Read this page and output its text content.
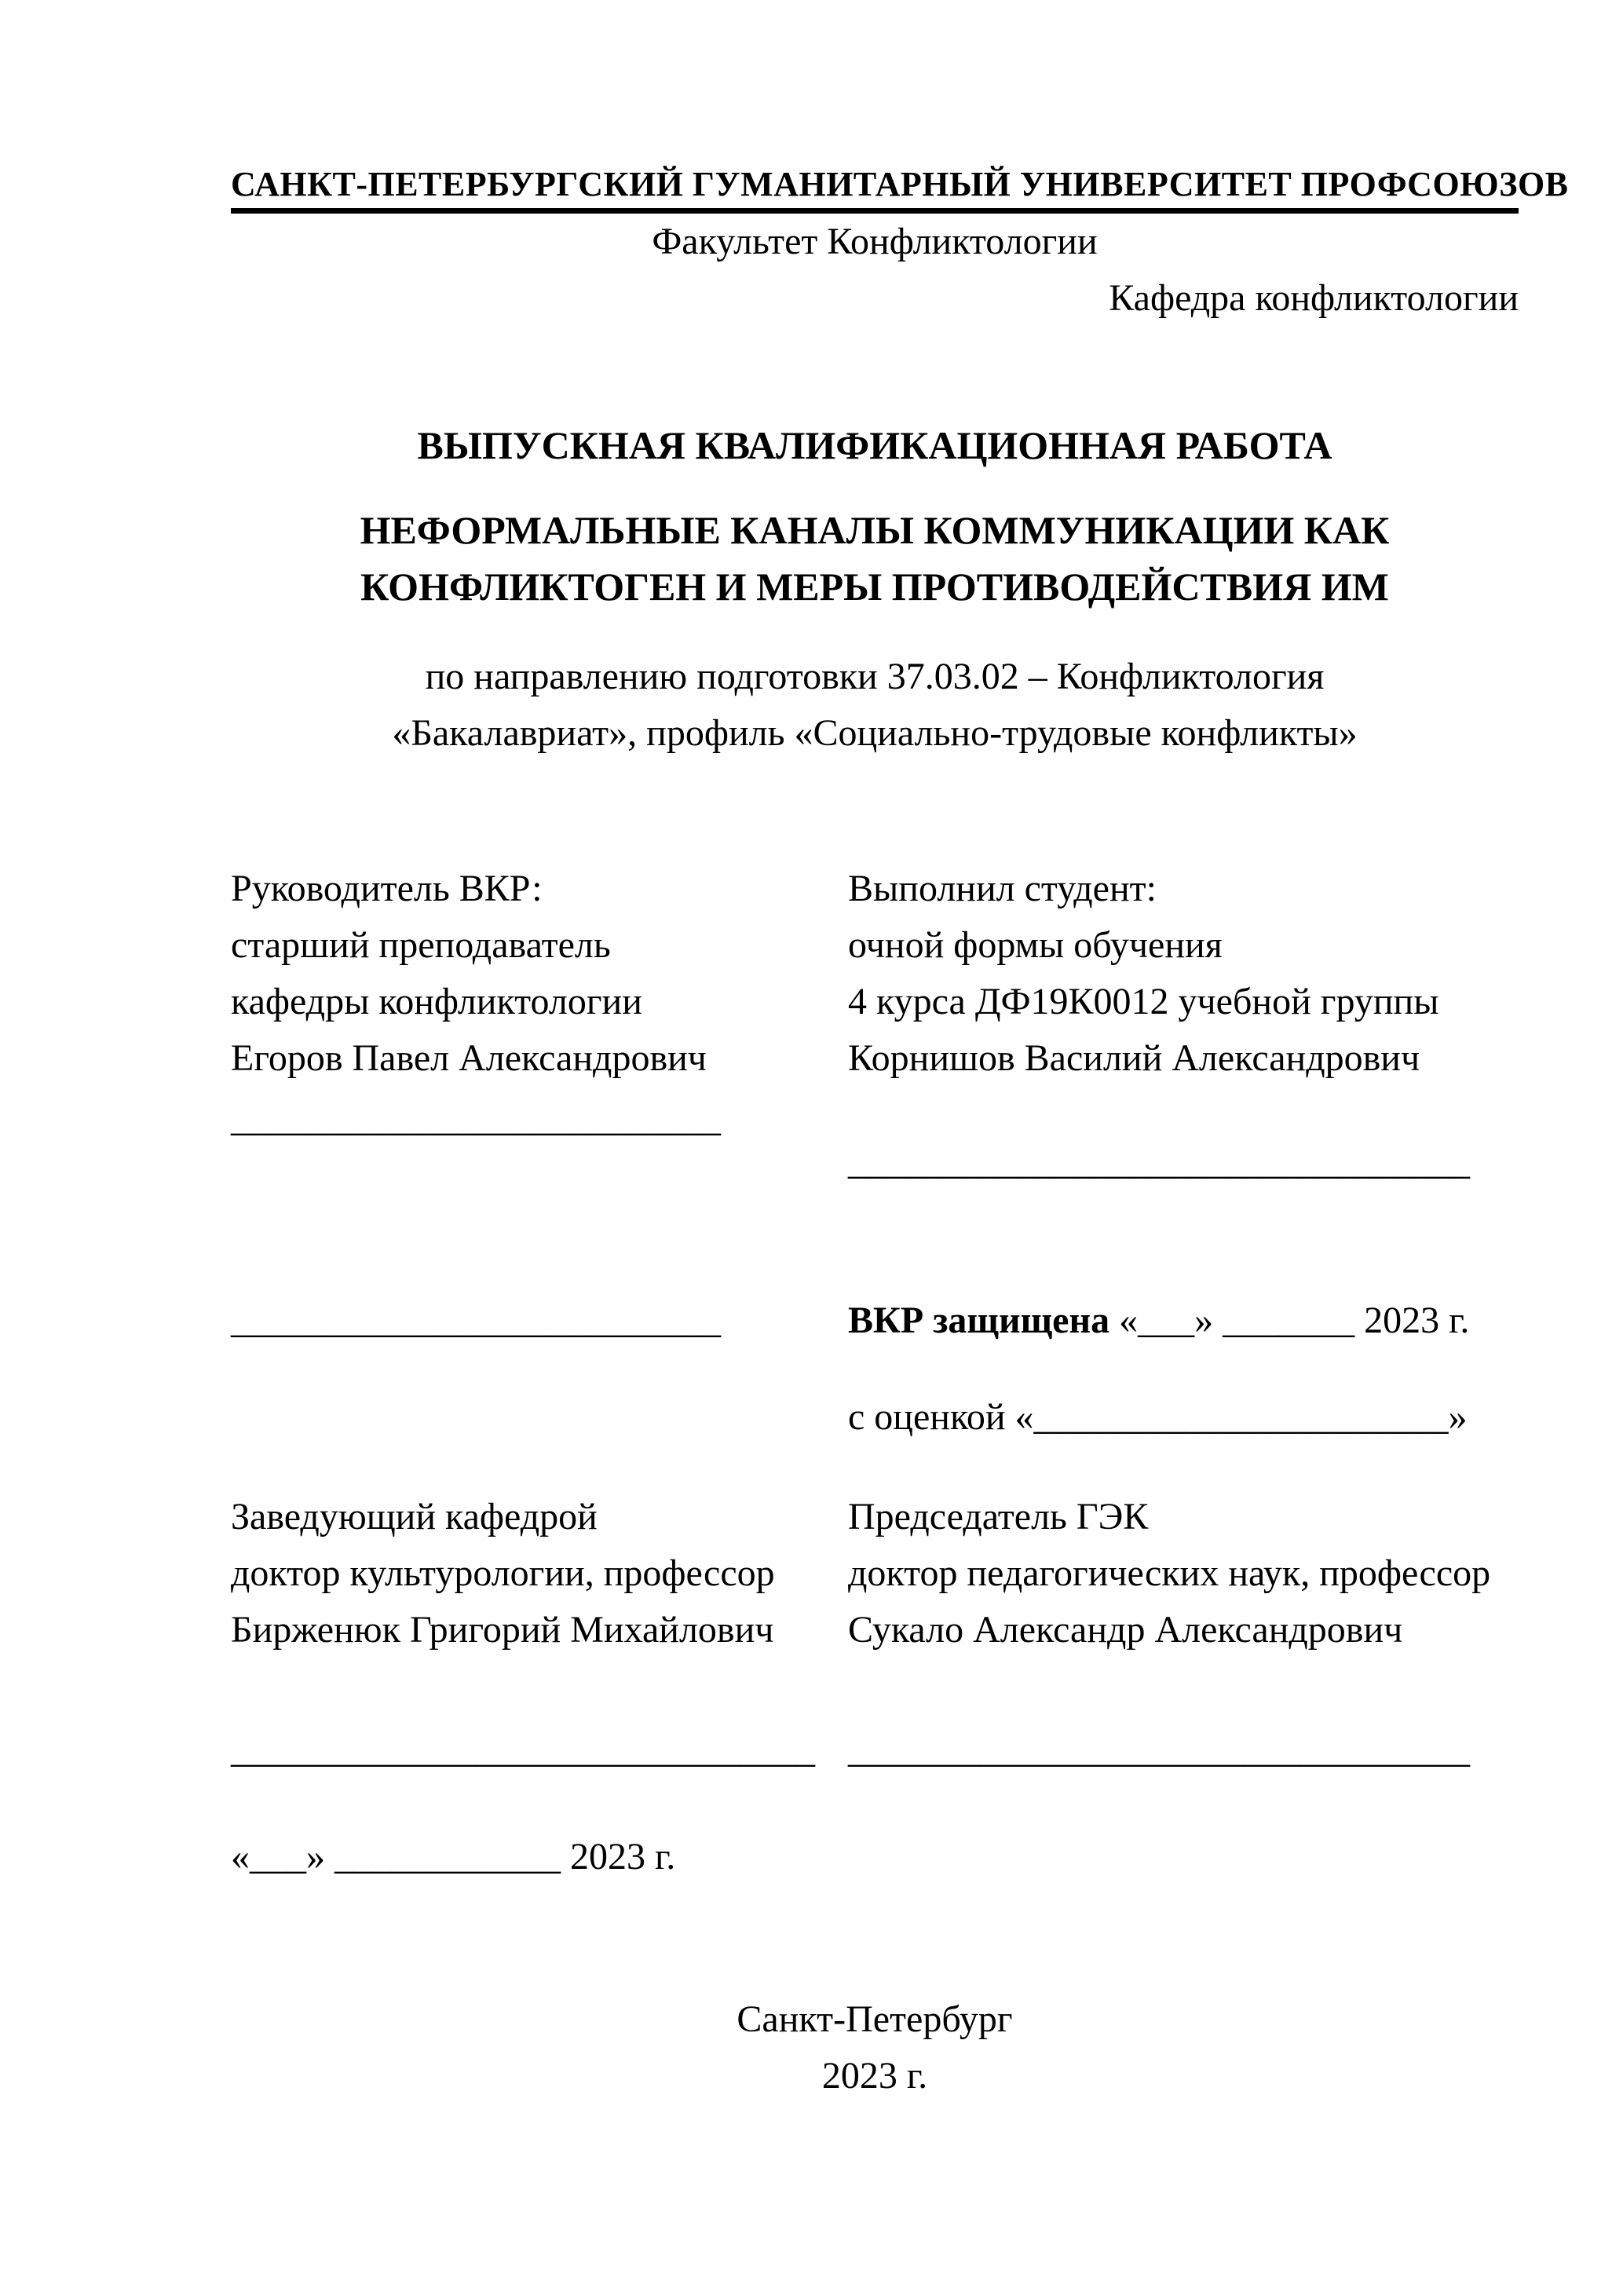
САНКТ-ПЕТЕРБУРГСКИЙ ГУМАНИТАРНЫЙ УНИВЕРСИТЕТ ПРОФСОЮЗОВ
Факультет Конфликтологии
Кафедра конфликтологии
ВЫПУСКНАЯ КВАЛИФИКАЦИОННАЯ РАБОТА
НЕФОРМАЛЬНЫЕ КАНАЛЫ КОММУНИКАЦИИ КАК
КОНФЛИКТОГЕН И МЕРЫ ПРОТИВОДЕЙСТВИЯ ИМ
по направлению подготовки 37.03.02 – Конфликтология
«Бакалавриат», профиль «Социально-трудовые конфликты»
Руководитель ВКР:
старший преподаватель
кафедры конфликтологии
Егоров Павел Александрович
Выполнил студент:
очной формы обучения
4 курса ДФ19К0012 учебной группы
Корнишов Василий Александрович
__________________________
_________________________________
__________________________	ВКР защищена «___» _______ 2023 г.
с оценкой «______________________»
Заведующий кафедрой
доктор культурологии, профессор
Бирженюк Григорий Михайлович
Председатель ГЭК
доктор педагогических наук, профессор
Сукало Александр Александрович
_______________________________ _________________________________
«___» ____________ 2023 г.
Санкт-Петербург
2023 г.
